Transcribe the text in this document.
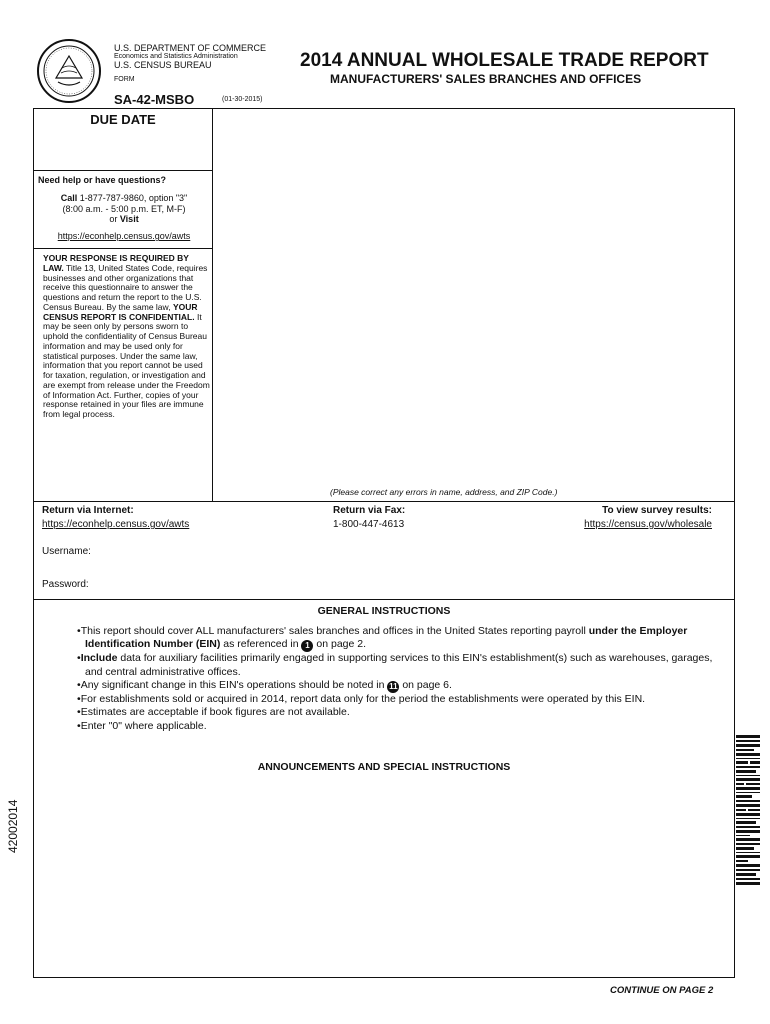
U.S. DEPARTMENT OF COMMERCE
Economics and Statistics Administration
U.S. CENSUS BUREAU
FORM
SA-42-MSBO	(01-30-2015)
2014 ANNUAL WHOLESALE TRADE REPORT
MANUFACTURERS' SALES BRANCHES AND OFFICES
DUE DATE
Need help or have questions?
Call 1-877-787-9860, option "3"
(8:00 a.m. - 5:00 p.m. ET, M-F)
or Visit
https://econhelp.census.gov/awts
YOUR RESPONSE IS REQUIRED BY LAW. Title 13, United States Code, requires businesses and other organizations that receive this questionnaire to answer the questions and return the report to the U.S. Census Bureau. By the same law, YOUR CENSUS REPORT IS CONFIDENTIAL. It may be seen only by persons sworn to uphold the confidentiality of Census Bureau information and may be used only for statistical purposes. Under the same law, information that you report cannot be used for taxation, regulation, or investigation and are exempt from release under the Freedom of Information Act. Further, copies of your response retained in your files are immune from legal process.
(Please correct any errors in name, address, and ZIP Code.)
Return via Internet:
https://econhelp.census.gov/awts
Return via Fax:
1-800-447-4613
To view survey results:
https://census.gov/wholesale
Username:
Password:
GENERAL INSTRUCTIONS
•This report should cover ALL manufacturers' sales branches and offices in the United States reporting payroll under the Employer Identification Number (EIN) as referenced in 1 on page 2.
•Include data for auxiliary facilities primarily engaged in supporting services to this EIN's establishment(s) such as warehouses, garages, and central administrative offices.
•Any significant change in this EIN's operations should be noted in 11 on page 6.
•For establishments sold or acquired in 2014, report data only for the period the establishments were operated by this EIN.
•Estimates are acceptable if book figures are not available.
•Enter "0" where applicable.
ANNOUNCEMENTS AND SPECIAL INSTRUCTIONS
42002014
CONTINUE ON PAGE 2
